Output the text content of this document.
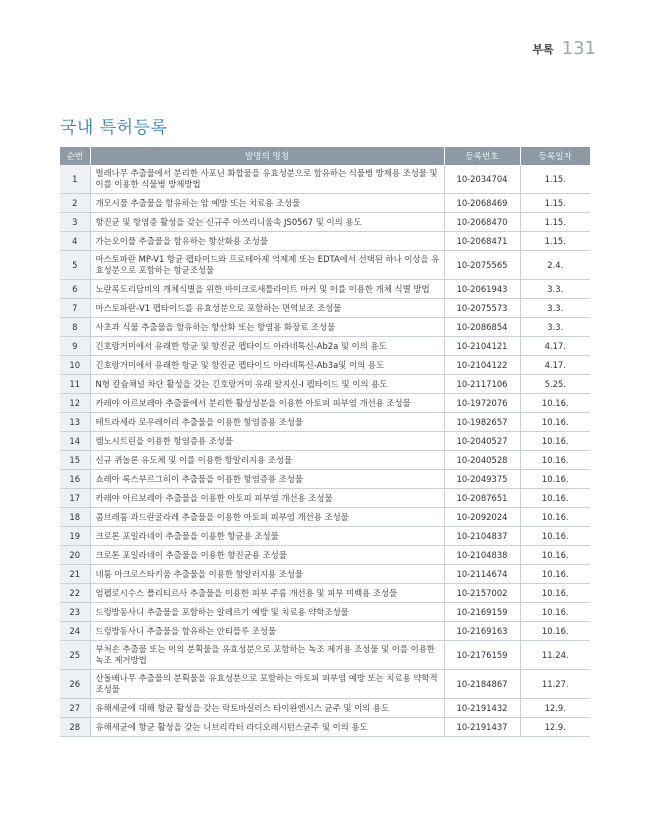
부록 131
국내 특허등록
순번	발명의 명칭	등록번호	등록일자
1	벌레나무 추출물에서 분리한 사포닌 화합물을 유효성분으로 함유하는 식물병 방제용 조성물 및 이를 이용한 식물병 방제방법	10-2034704	1.15.
2	개모시풀 추출물을 함유하는 암 예방 또는 치료용 조성물	10-2068469	1.15.
3	항진균 및 항염증 활성을 갖는 신규주 아쓰리니움속 JS0567 및 이의 용도	10-2068470	1.15.
4	가는오이풀 추출물을 함유하는 항산화용 조성물	10-2068471	1.15.
5	마스토파란 MP-V1 항균 펩타이드와 프로테아제 억제제 또는 EDTA에서 선택된 하나 이상을 유효성분으로 포함하는 항균조성물	10-2075565	2.4.
6	노란목도리담비의 개체식별을 위한 마이크로새틀라이트 마커 및 이를 이용한 개체 식별 방법	10-2061943	3.3.
7	마스토파란-V1 펩타이드를 유효성분으로 포함하는 면역보조 조성물	10-2075573	3.3.
8	사초과 식물 추출물을 함유하는 항산화 또는 항염용 화장료 조성물	10-2086854	3.3.
9	긴호랑거미에서 유래한 항균 및 항진균 펩타이드 아라네톡신-Ab2a 및 이의 용도	10-2104121	4.17.
10	긴호랑거미에서 유래한 항균 및 항진균 펩타이드 아라네톡신-Ab3a및 이의 용도	10-2104122	4.17.
11	N형 칼슘채널 차단 활성을 갖는 긴호랑거미 유래 알지신-I 펩타이드 및 이의 용도	10-2117106	5.25.
12	카레야 아르보레아 추출물에서 분리한 활성성분을 이용한 아토피 피부염 개선용 조성물	10-1972076	10.16.
13	테트라세라 로우레이리 추출물을 이용한 항염증용 조성물	10-1982657	10.16.
14	렘노시트린을 이용한 항염증용 조성물	10-2040527	10.16.
15	신규 퀴놀론 유도체 및 이를 이용한 항알러지용 조성물	10-2040528	10.16.
16	쇼레아 록스부르그히이 추출물을 이용한 항염증용 조성물	10-2049375	10.16.
17	카레야 아르보레아 추출물을 이용한 아토피 피부염 개선용 조성물	10-2087651	10.16.
18	콤브레툼 과드란굴라레 추출물을 이용한 아토피 피부염 개선용 조성물	10-2092024	10.16.
19	크로톤 포일라네이 추출물을 이용한 항균용 조성물	10-2104837	10.16.
20	크로톤 포일라네이 추출물을 이용한 항진균용 조성물	10-2104838	10.16.
21	네툼 마크로스타키움 추출물을 이용한 항알러지용 조성물	10-2114674	10.16.
22	엄펠로시수스 폴리티르사 추출물을 이용한 피부 주름 개선용 및 피부 미백용 조성물	10-2157002	10.16.
23	드렁방동사니 추출물을 포함하는 알레르기 예방 및 치료용 약학조성물	10-2169159	10.16.
24	드렁방동사니 추출물을 함유하는 안티플루 조성물	10-2169163	10.16.
25	부처손 추출물 또는 이의 분획물을 유효성분으로 포함하는 녹조 제거용 조성물 및 이를 이용한 녹조 제거방법	10-2176159	11.24.
26	산돌배나무 추출물의 분획물을 유효성분으로 포함하는 아토피 피부염 예방 또는 치료용 약학적 조성물	10-2184867	11.27.
27	유해세균에 대해 항균 활성을 갖는 락토바실러스 타이완엔시스 균주 및 이의 용도	10-2191432	12.9.
28	유해세균에 항균 활성을 갖는 니브리칵터 라디오레시턴스균주 및 이의 용도	10-2191437	12.9.
